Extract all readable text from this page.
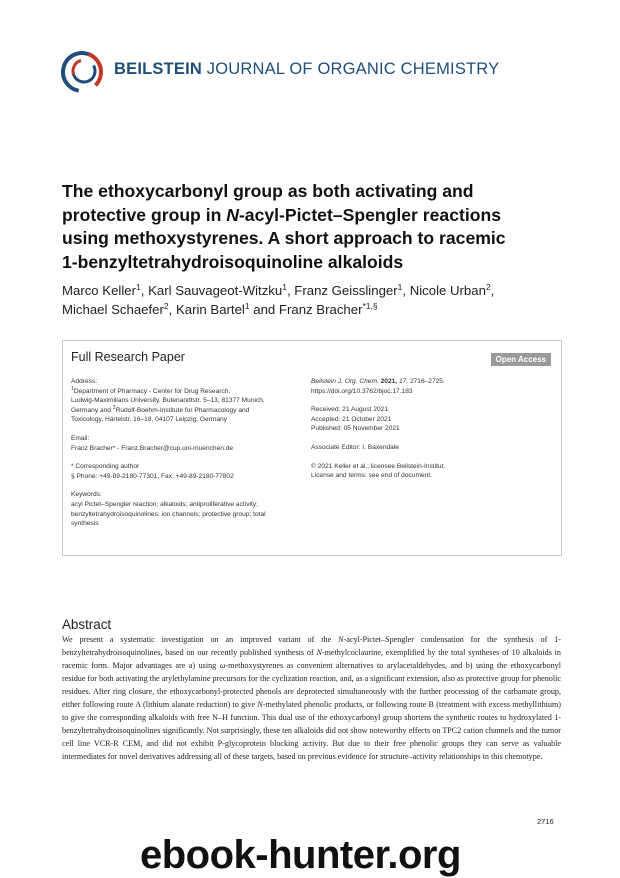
BEILSTEIN JOURNAL OF ORGANIC CHEMISTRY
The ethoxycarbonyl group as both activating and
protective group in N-acyl-Pictet–Spengler reactions
using methoxystyrenes. A short approach to racemic
1-benzyltetrahydroisoquinoline alkaloids
Marco Keller$^1$, Karl Sauvageot-Witzku$^1$, Franz Geisslinger$^1$, Nicole Urban$^2$,
Michael Schaefer$^2$, Karin Bartel$^1$ and Franz Bracher$^{*1,\S}$
Full Research Paper	Open Access

Address:

$^1$Department of Pharmacy - Center for Drug Research,
Ludwig-Maximilians University, Butenandtstr. 5–13, 81377 Munich,
Germany and $^2$Rudolf-Boehm-Institute for Pharmacology and
Toxicology, Härtelstr. 16–18, 04107 Leipzig, Germany

Email:

Franz Bracher* - Franz.Bracher@cup.uni-muenchen.de

* Corresponding author

§ Phone: +49-89-2180-77301, Fax: +49-89-2180-77802

Keywords:

acyl Pictet–Spengler reaction; alkaloids; antiproliferative activity;
benzyltetrahydroisoquinolines; ion channels; protective group; total
synthesis

Beilstein J. Org. Chem. 2021, 17, 2716–2725.

https://doi.org/10.3762/bjoc.17.183

Received: 21 August 2021

Accepted: 21 October 2021

Published: 05 November 2021

Associate Editor: I. Baxendale

© 2021 Keller et al.; licensee Beilstein-Institut.

License and terms: see end of document.

Abstract
We present a systematic investigation on an improved variant of the N-acyl-Pictet–Spengler condensation for the synthesis of 1-benzyltetrahydroisoquinolines, based on our recently published synthesis of N-methylcoclaurine, exemplified by the total syntheses of 10 alkaloids in racemic form. Major advantages are a) using ω-methoxystyrenes as convenient alternatives to arylacetaldehydes, and b) using the ethoxycarbonyl residue for both activating the arylethylamine precursors for the cyclization reaction, and, as a significant extension, also as protective group for phenolic residues. After ring closure, the ethoxycarbonyl-protected phenols are deprotected simultaneously with the further processing of the carbamate group, either following route A (lithium alanate reduction) to give N-methylated phenolic products, or following route B (treatment with excess methyllithium) to give the corresponding alkaloids with free N–H function. This dual use of the ethoxycarbonyl group shortens the synthetic routes to hydroxylated 1-benzyltetrahydroisoquinolines significantly. Not surprisingly, these ten alkaloids did not show noteworthy effects on TPC2 cation channels and the tumor cell line VCR-R CEM, and did not exhibit P-glycoprotein blocking activity. But due to their free phenolic groups they can serve as valuable intermediates for novel derivatives addressing all of these targets, based on previous evidence for structure–activity relationships in this chemotype.
2716
ebook-hunter.org
